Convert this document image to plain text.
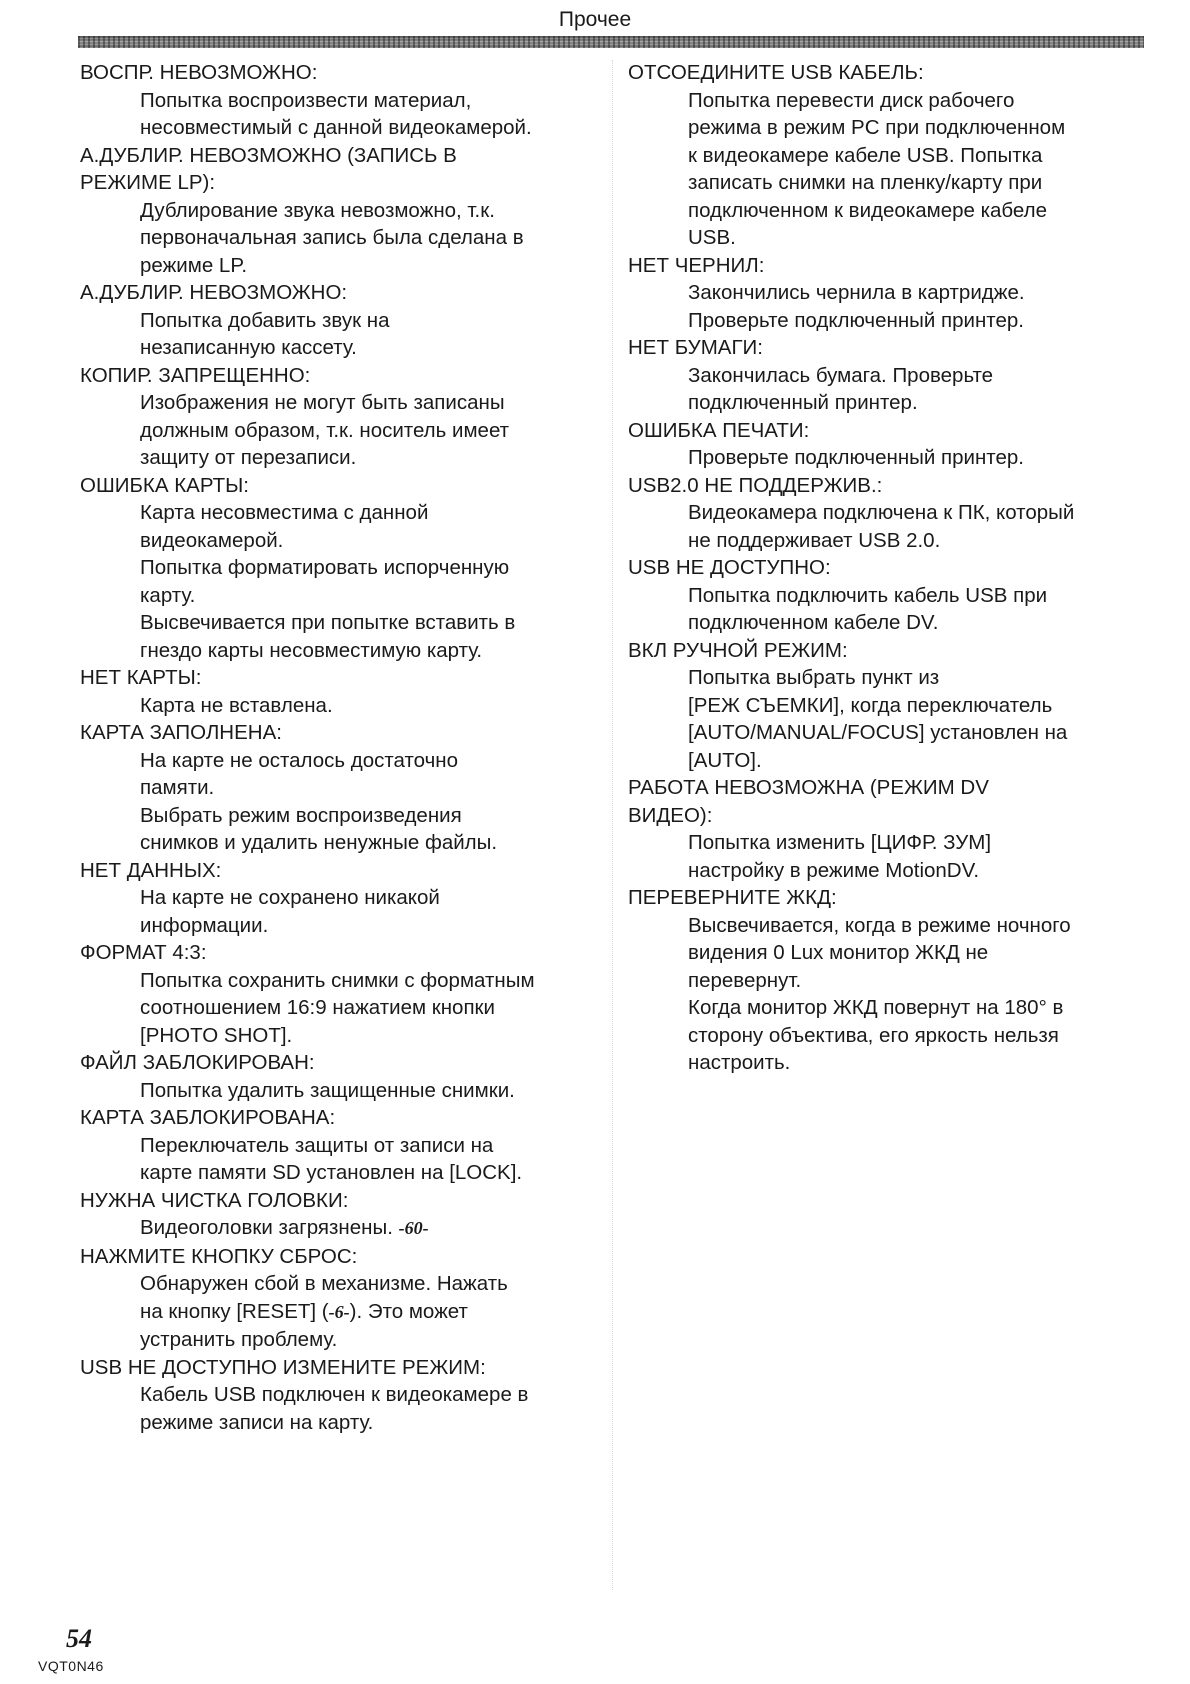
Прочее
ВОСПР. НЕВОЗМОЖНО:
Попытка воспроизвести материал,
несовместимый с данной видеокамерой.
А.ДУБЛИР. НЕВОЗМОЖНО (ЗАПИСЬ В
РЕЖИМЕ LP):
Дублирование звука невозможно, т.к.
первоначальная запись была сделана в
режиме LP.
А.ДУБЛИР. НЕВОЗМОЖНО:
Попытка добавить звук на
незаписанную кассету.
КОПИР. ЗАПРЕЩЕННО:
Изображения не могут быть записаны
должным образом, т.к. носитель имеет
защиту от перезаписи.
ОШИБКА КАРТЫ:
Карта несовместима с данной
видеокамерой.
Попытка форматировать испорченную
карту.
Высвечивается при попытке вставить в
гнездо карты несовместимую карту.
НЕТ КАРТЫ:
Карта не вставлена.
КАРТА ЗАПОЛНЕНА:
На карте не осталось достаточно
памяти.
Выбрать режим воспроизведения
снимков и удалить ненужные файлы.
НЕТ ДАННЫХ:
На карте не сохранено никакой
информации.
ФОРМАТ 4:3:
Попытка сохранить снимки с форматным
соотношением 16:9 нажатием кнопки
[PHOTO SHOT].
ФАЙЛ ЗАБЛОКИРОВАН:
Попытка удалить защищенные снимки.
КАРТА ЗАБЛОКИРОВАНА:
Переключатель защиты от записи на
карте памяти SD установлен на [LOCK].
НУЖНА ЧИСТКА ГОЛОВКИ:
Видеоголовки загрязнены. -60-
НАЖМИТЕ КНОПКУ СБРОС:
Обнаружен сбой в механизме. Нажать
на кнопку [RESET] (-6-). Это может
устранить проблему.
USB НЕ ДОСТУПНО ИЗМЕНИТЕ РЕЖИМ:
Кабель USB подключен к видеокамере в
режиме записи на карту.
ОТСОЕДИНИТЕ USB КАБЕЛЬ:
Попытка перевести диск рабочего
режима в режим PC при подключенном
к видеокамере кабеле USB. Попытка
записать снимки на пленку/карту при
подключенном к видеокамере кабеле
USB.
НЕТ ЧЕРНИЛ:
Закончились чернила в картридже.
Проверьте подключенный принтер.
НЕТ БУМАГИ:
Закончилась бумага. Проверьте
подключенный принтер.
ОШИБКА ПЕЧАТИ:
Проверьте подключенный принтер.
USB2.0 НЕ ПОДДЕРЖИВ.:
Видеокамера подключена к ПК, который
не поддерживает USB 2.0.
USB НЕ ДОСТУПНО:
Попытка подключить кабель USB при
подключенном кабеле DV.
ВКЛ РУЧНОЙ РЕЖИМ:
Попытка выбрать пункт из
[РЕЖ СЪЕМКИ], когда переключатель
[AUTO/MANUAL/FOCUS] установлен на
[AUTO].
РАБОТА НЕВОЗМОЖНА (РЕЖИМ DV
ВИДЕО):
Попытка изменить [ЦИФР. ЗУМ]
настройку в режиме MotionDV.
ПЕРЕВЕРНИТЕ ЖКД:
Высвечивается, когда в режиме ночного
видения 0 Lux монитор ЖКД не
перевернут.
Когда монитор ЖКД повернут на 180° в
сторону объектива, его яркость нельзя
настроить.
54
VQT0N46
